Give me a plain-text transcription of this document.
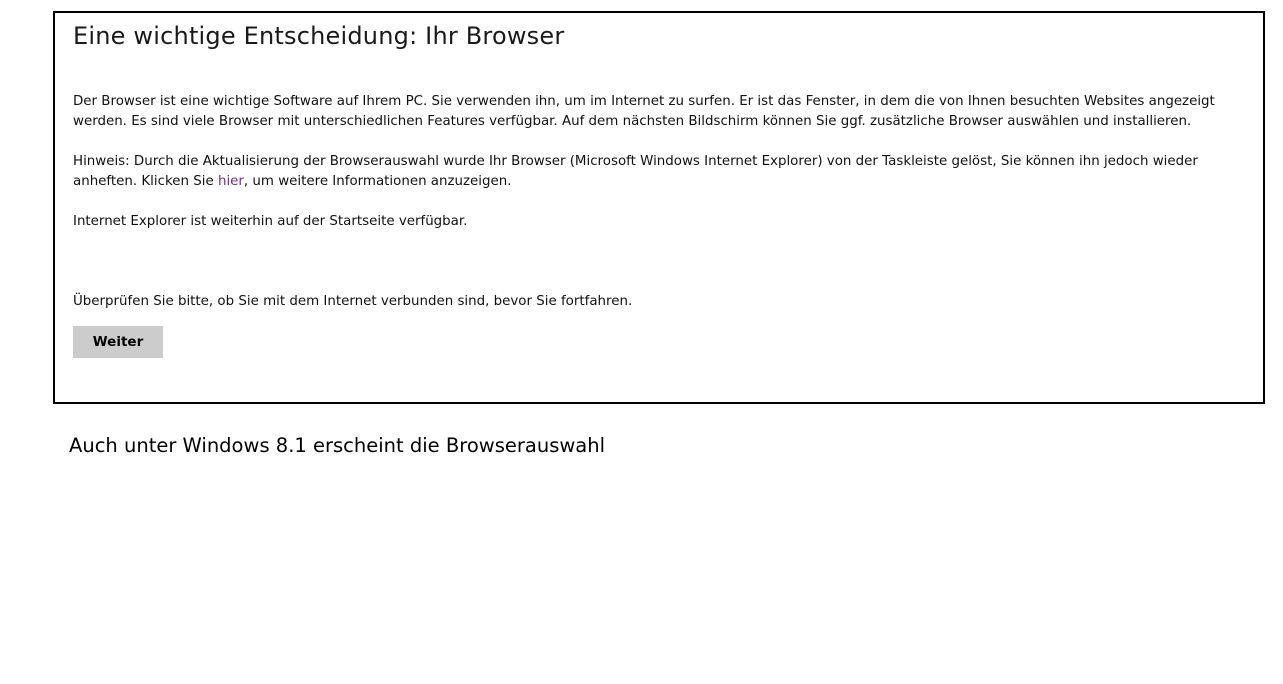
Eine wichtige Entscheidung: Ihr Browser

Der Browser ist eine wichtige Software auf Ihrem PC. Sie verwenden ihn, um im Internet zu surfen. Er ist das Fenster, in dem die von Ihnen besuchten Websites angezeigt werden. Es sind viele Browser mit unterschiedlichen Features verfügbar. Auf dem nächsten Bildschirm können Sie ggf. zusätzliche Browser auswählen und installieren.

Hinweis: Durch die Aktualisierung der Browserauswahl wurde Ihr Browser (Microsoft Windows Internet Explorer) von der Taskleiste gelöst, Sie können ihn jedoch wieder anheften. Klicken Sie hier, um weitere Informationen anzuzeigen.

Internet Explorer ist weiterhin auf der Startseite verfügbar.

Überprüfen Sie bitte, ob Sie mit dem Internet verbunden sind, bevor Sie fortfahren.

Weiter

Auch unter Windows 8.1 erscheint die Browserauswahl
